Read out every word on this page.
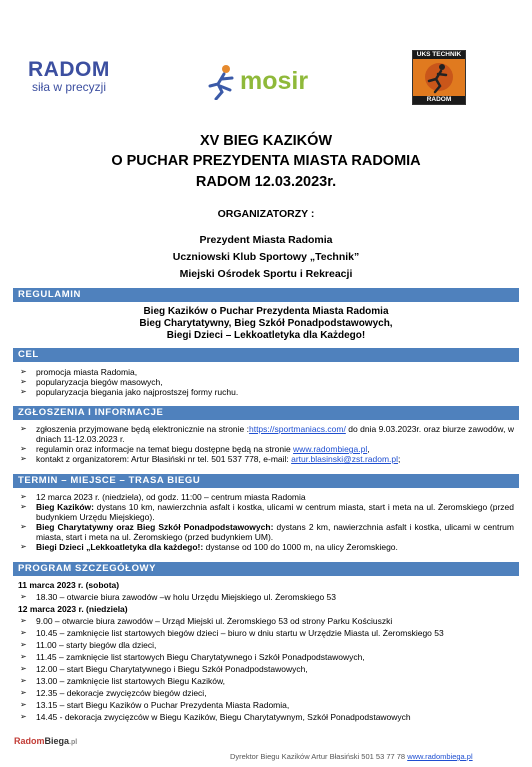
RADOM
siła w precyzji	mosir
UKS TECHNIK
RADOM
XV BIEG KAZIKÓW
O PUCHAR PREZYDENTA MIASTA RADOMIA
RADOM 12.03.2023r.
ORGANIZATORZY :
Prezydent Miasta Radomia
Uczniowski Klub Sportowy „Technik”
Miejski Ośrodek Sportu i Rekreacji
REGULAMIN
Bieg Kazików o Puchar Prezydenta Miasta Radomia
Bieg Charytatywny, Bieg Szkół Ponadpodstawowych,
Biegi Dzieci – Lekkoatletyka dla Każdego!
CEL
➢ promocja miasta Radomia,
➢ popularyzacja biegów masowych,
➢ popularyzacja biegania jako najprostszej formy ruchu.
ZGŁOSZENIA I INFORMACJE
➢ zgłoszenia przyjmowane będą elektronicznie na stronie :https://sportmaniacs.com/ do dnia 9.03.2023r. oraz biurze zawodów, w dniach 11-12.03.2023 r.
➢ regulamin oraz informacje na temat biegu dostępne będą na stronie www.radombiega.pl,
➢ kontakt z organizatorem: Artur Błasiński nr tel. 501 537 778, e-mail: artur.blasinski@zst.radom.pl;
TERMIN – MIEJSCE – TRASA BIEGU
➢ 12 marca 2023 r. (niedziela), od godz. 11:00 – centrum miasta Radomia
➢ Bieg Kazików: dystans 10 km, nawierzchnia asfalt i kostka, ulicami w centrum miasta, start i meta na ul. Żeromskiego (przed budynkiem Urzędu Miejskiego).
➢ Bieg Charytatywny oraz Bieg Szkół Ponadpodstawowych: dystans 2 km, nawierzchnia asfalt i kostka, ulicami w centrum miasta, start i meta na ul. Żeromskiego (przed budynkiem UM).
➢ Biegi Dzieci „Lekkoatletyka dla każdego!: dystanse od 100 do 1000 m, na ulicy Żeromskiego.
PROGRAM SZCZEGÓŁOWY
11 marca 2023 r. (sobota)
➢ 18.30 – otwarcie biura zawodów –w holu Urzędu Miejskiego ul. Żeromskiego 53
12 marca 2023 r. (niedziela)
➢ 9.00 – otwarcie biura zawodów – Urząd Miejski ul. Żeromskiego 53 od strony Parku Kościuszki
➢ 10.45 – zamknięcie list startowych biegów dzieci – biuro w dniu startu w Urzędzie Miasta ul. Żeromskiego 53
➢ 11.00 – starty biegów dla dzieci,
➢ 11.45 – zamknięcie list startowych Biegu Charytatywnego i Szkół Ponadpodstawowych,
➢ 12.00 – start Biegu Charytatywnego i Biegu Szkół Ponadpodstawowych,
➢ 13.00 – zamknięcie list startowych Biegu Kazików,
➢ 12.35 – dekoracje zwycięzców biegów dzieci,
➢ 13.15 – start Biegu Kazików o Puchar Prezydenta Miasta Radomia,
➢ 14.45 - dekoracja zwycięzców w Biegu Kazików, Biegu Charytatywnym, Szkół Ponadpodstawowych
RadomBiega.pl
Dyrektor Biegu Kazików Artur Błasiński 501 53 77 78 www.radombiega.pl
